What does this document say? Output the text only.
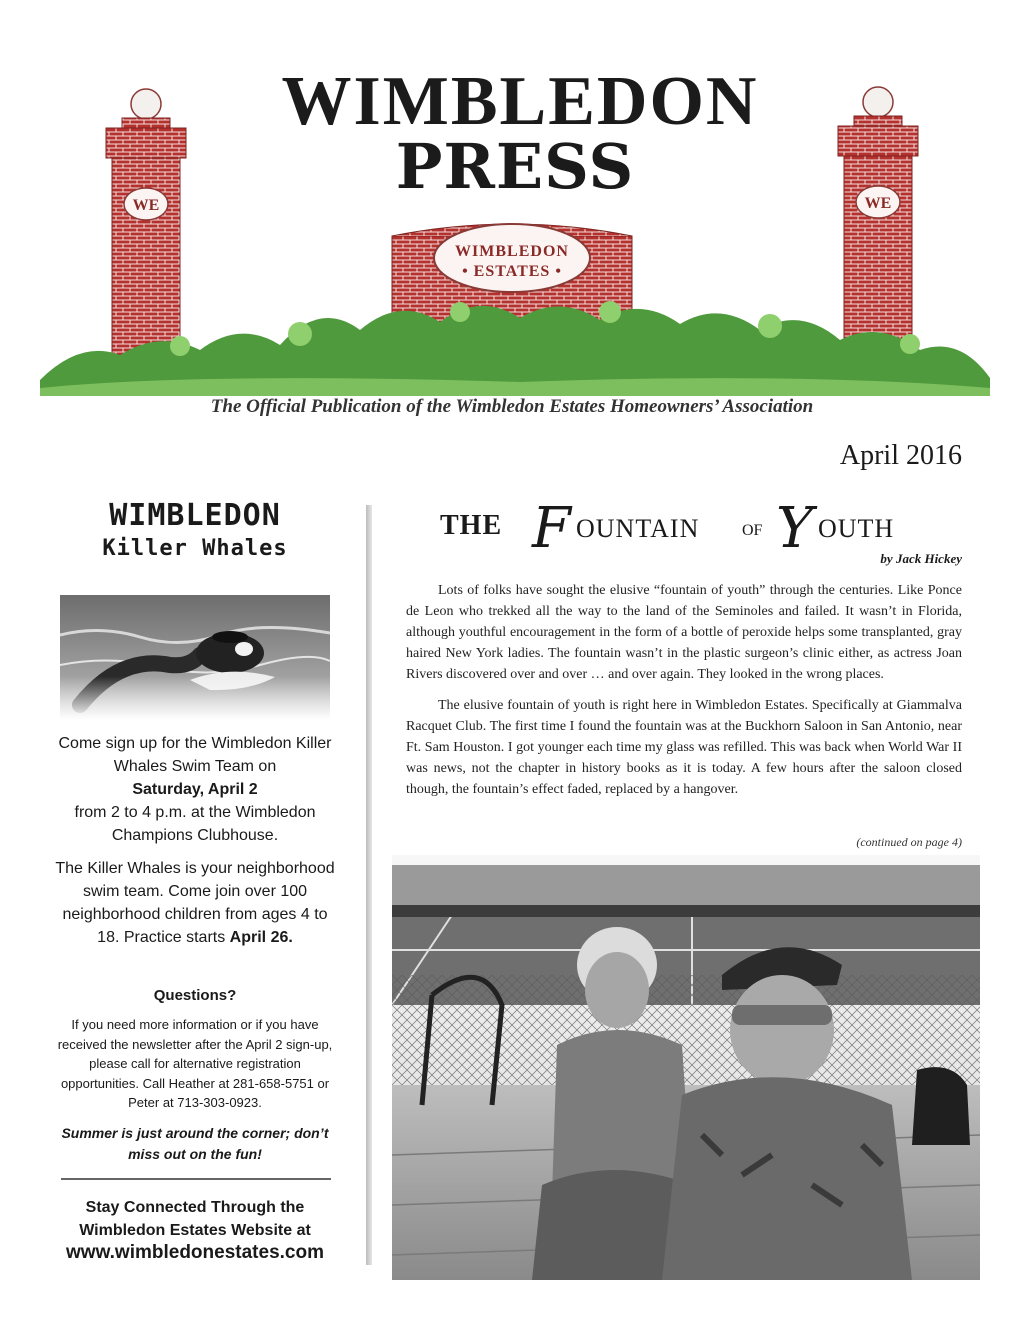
WE	WE
WIMBLEDON
• ESTATES •
WIMBLEDON
PRESS
The Official Publication of the Wimbledon Estates Homeowners’ Association
April 2016
WIMBLEDON
Killer Whales
Come sign up for the Wimbledon Killer Whales Swim Team on
Saturday, April 2
from 2 to 4 p.m. at the Wimbledon Champions Clubhouse.
The Killer Whales is your neighborhood swim team. Come join over 100 neighborhood children from ages 4 to 18. Practice starts April 26.
Questions?
If you need more information or if you have received the newsletter after the April 2 sign-up, please call for alternative registration opportunities. Call Heather at 281-658-5751 or Peter at 713-303-0923.
Summer is just around the corner; don’t miss out on the fun!
Stay Connected Through the Wimbledon Estates Website at
www.wimbledonestates.com
THE F OUNTAIN	OF Y OUTH
by Jack Hickey

Lots of folks have sought the elusive “fountain of youth” through the centuries. Like Ponce de Leon who trekked all the way to the land of the Seminoles and failed. It wasn’t in Florida, although youthful encouragement in the form of a bottle of peroxide helps some transplanted, gray haired New York ladies. The fountain wasn’t in the plastic surgeon’s clinic either, as actress Joan Rivers discovered over and over … and over again. They looked in the wrong places.

The elusive fountain of youth is right here in Wimbledon Estates. Specifically at Giammalva Racquet Club. The first time I found the fountain was at the Buckhorn Saloon in San Antonio, near Ft. Sam Houston. I got younger each time my glass was refilled. This was back when World War II was news, not the chapter in history books as it is today. A few hours after the saloon closed though, the fountain’s effect faded, replaced by a hangover.

(continued on page 4)
